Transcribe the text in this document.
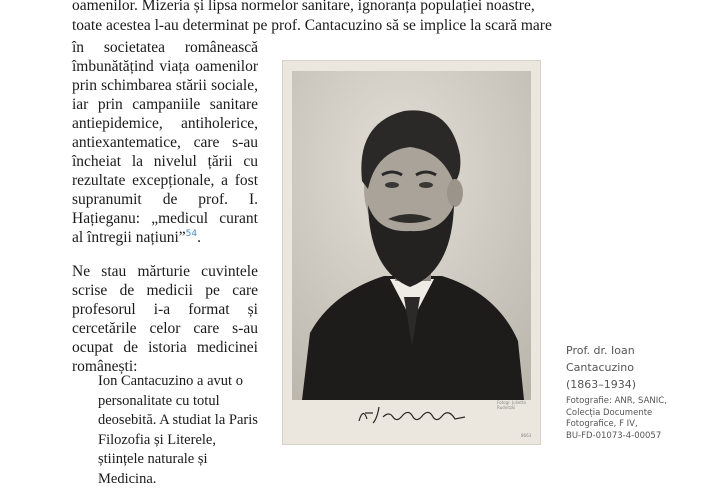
oamenilor. Mizeria și lipsa normelor sanitare, ignoranța populației noastre,
toate acestea l-au determinat pe prof. Cantacuzino să se implice la scară mare

în societatea românească îmbunătățind viața oamenilor prin schimbarea stării sociale, iar prin campaniile sanitare antiepidemice, antiholerice, antiexantematice, care s-au încheiat la nivelul țării cu rezultate excepționale, a fost supranumit de prof. I. Hațieganu: „medicul curant al întregii națiuni”$^{54}$.

Ne stau mărturie cuvintele scrise de medicii pe care profesorul i-a format și cercetările celor care s-au ocupat de istoria medicinei românești:

Ion Cantacuzino a avut o personalitate cu totul deosebită. A studiat la Paris Filozofia și Literele, științele naturale și Medicina.
Fotogr. Julietta Rudnitzki
8663
Prof. dr. Ioan
Cantacuzino
(1863–1934)
Fotografie: ANR, SANIC,
Colecția Documente
Fotografice, F IV,
BU-FD-01073-4-00057
